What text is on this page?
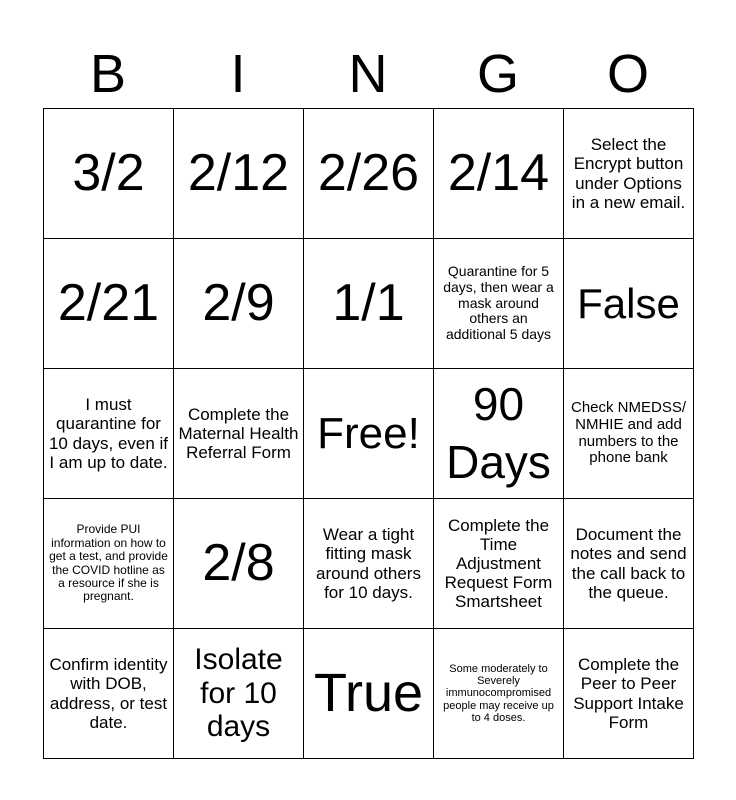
B	I	N	G	O
3/2	2/12	2/26	2/14	Select the Encrypt button under Options in a new email.
2/21	2/9	1/1	Quarantine for 5 days, then wear a mask around others an additional 5 days	False
I must quarantine for 10 days, even if I am up to date.	Complete the Maternal Health Referral Form	Free!	90 Days	Check NMEDSS/ NMHIE and add numbers to the phone bank
Provide PUI information on how to get a test, and provide the COVID hotline as a resource if she is pregnant.	2/8	Wear a tight fitting mask around others for 10 days.	Complete the Time Adjustment Request Form Smartsheet	Document the notes and send the call back to the queue.
Confirm identity with DOB, address, or test date.	Isolate for 10 days	True	Some moderately to Severely immunocompromised people may receive up to 4 doses.	Complete the Peer to Peer Support Intake Form
